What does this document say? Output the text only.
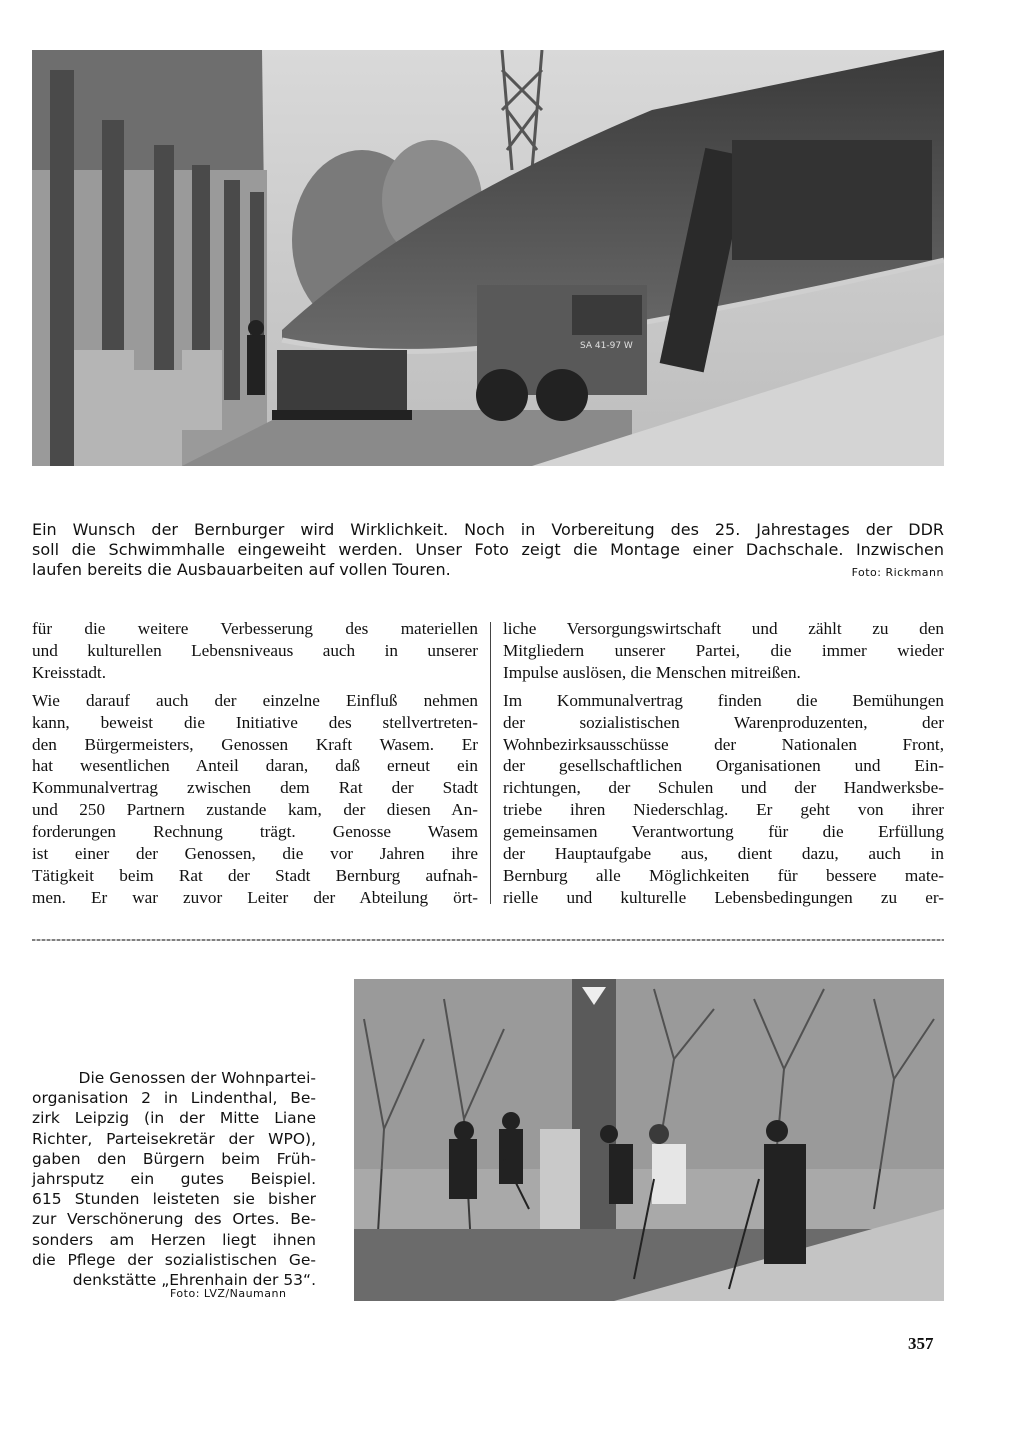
SA 41-97 W
Ein Wunsch der Bernburger wird Wirklichkeit. Noch in Vorbereitung des 25. Jahrestages der DDR
soll die Schwimmhalle eingeweiht werden. Unser Foto zeigt die Montage einer Dachschale. Inzwischen
laufen bereits die Ausbauarbeiten auf vollen Touren.	Foto: Rickmann

für die weitere Verbesserung des materiellen
und kulturellen Lebensniveaus auch in unserer
Kreisstadt.

Wie darauf auch der einzelne Einfluß nehmen
kann, beweist die Initiative des stellvertreten-
den Bürgermeisters, Genossen Kraft Wasem. Er
hat wesentlichen Anteil daran, daß erneut ein
Kommunalvertrag zwischen dem Rat der Stadt
und 250 Partnern zustande kam, der diesen An-
forderungen Rechnung trägt. Genosse Wasem
ist einer der Genossen, die vor Jahren ihre
Tätigkeit beim Rat der Stadt Bernburg aufnah-
men. Er war zuvor Leiter der Abteilung ört-

liche Versorgungswirtschaft und zählt zu den
Mitgliedern unserer Partei, die immer wieder
Impulse auslösen, die Menschen mitreißen.

Im Kommunalvertrag finden die Bemühungen
der sozialistischen Warenproduzenten, der
Wohnbezirksausschüsse der Nationalen Front,
der gesellschaftlichen Organisationen und Ein-
richtungen, der Schulen und der Handwerksbe-
triebe ihren Niederschlag. Er geht von ihrer
gemeinsamen Verantwortung für die Erfüllung
der Hauptaufgabe aus, dient dazu, auch in
Bernburg alle Möglichkeiten für bessere mate-
rielle und kulturelle Lebensbedingungen zu er-

Die Genossen der Wohnpartei-
organisation 2 in Lindenthal, Be-
zirk Leipzig (in der Mitte Liane
Richter, Parteisekretär der WPO),
gaben den Bürgern beim Früh-
jahrsputz ein gutes Beispiel.
615 Stunden leisteten sie bisher
zur Verschönerung des Ortes. Be-
sonders am Herzen liegt ihnen
die Pflege der sozialistischen Ge-
denkstätte „Ehrenhain der 53“.
Foto: LVZ/Naumann
357
